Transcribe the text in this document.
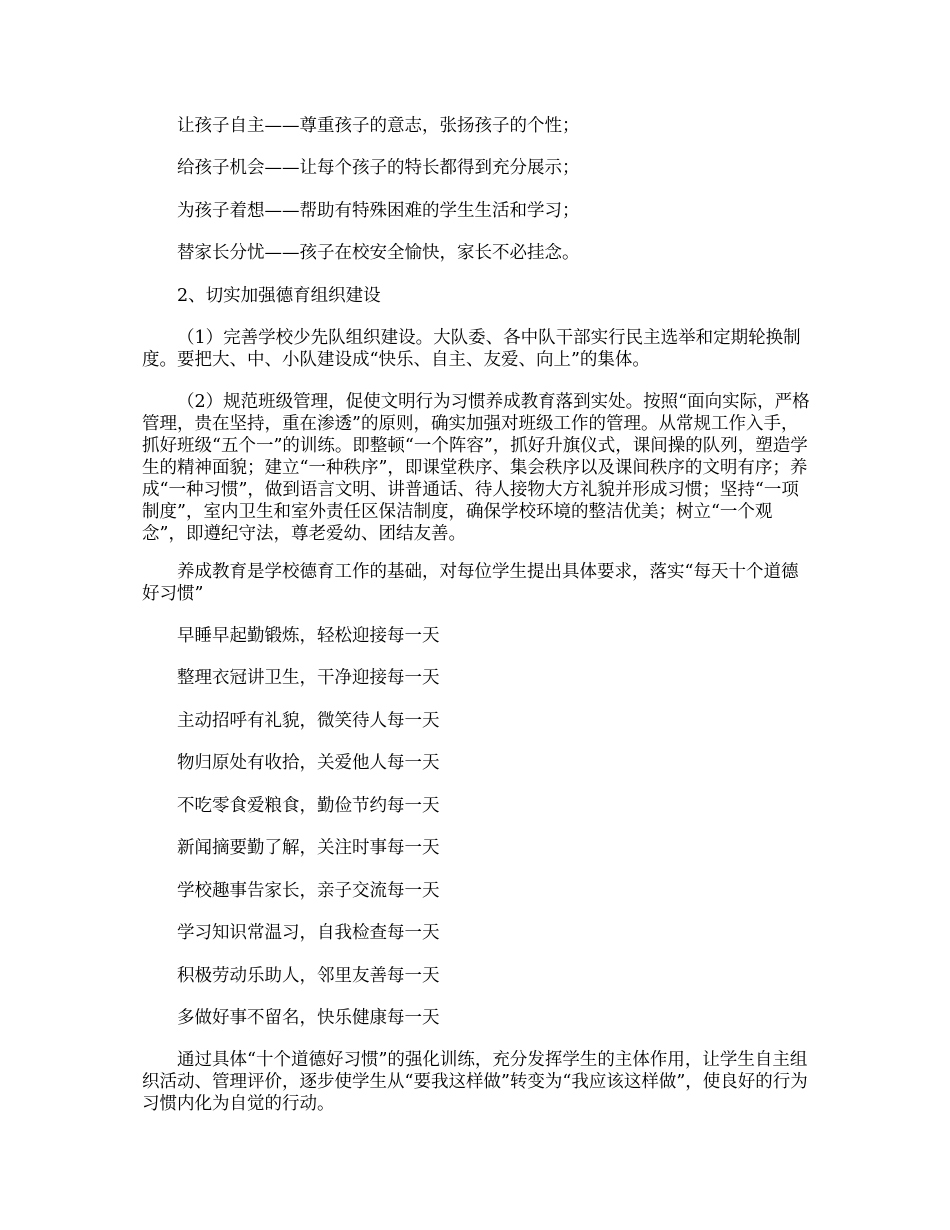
让孩子自主——尊重孩子的意志，张扬孩子的个性；

给孩子机会——让每个孩子的特长都得到充分展示；

为孩子着想——帮助有特殊困难的学生生活和学习；

替家长分忧——孩子在校安全愉快，家长不必挂念。

2、切实加强德育组织建设

（1）完善学校少先队组织建设。大队委、各中队干部实行民主选举和定期轮换制度。要把大、中、小队建设成“快乐、自主、友爱、向上”的集体。

（2）规范班级管理，促使文明行为习惯养成教育落到实处。按照“面向实际，严格管理，贵在坚持，重在渗透”的原则，确实加强对班级工作的管理。从常规工作入手，抓好班级“五个一”的训练。即整顿“一个阵容”，抓好升旗仪式，课间操的队列，塑造学生的精神面貌；建立“一种秩序”，即课堂秩序、集会秩序以及课间秩序的文明有序；养成“一种习惯”，做到语言文明、讲普通话、待人接物大方礼貌并形成习惯；坚持“一项制度”，室内卫生和室外责任区保洁制度，确保学校环境的整洁优美；树立“一个观念”，即遵纪守法，尊老爱幼、团结友善。

养成教育是学校德育工作的基础，对每位学生提出具体要求，落实“每天十个道德好习惯”

早睡早起勤锻炼，轻松迎接每一天

整理衣冠讲卫生，干净迎接每一天

主动招呼有礼貌，微笑待人每一天

物归原处有收拾，关爱他人每一天

不吃零食爱粮食，勤俭节约每一天

新闻摘要勤了解，关注时事每一天

学校趣事告家长，亲子交流每一天

学习知识常温习，自我检查每一天

积极劳动乐助人，邻里友善每一天

多做好事不留名，快乐健康每一天

通过具体“十个道德好习惯”的强化训练，充分发挥学生的主体作用，让学生自主组织活动、管理评价，逐步使学生从“要我这样做”转变为“我应该这样做”，使良好的行为习惯内化为自觉的行动。
